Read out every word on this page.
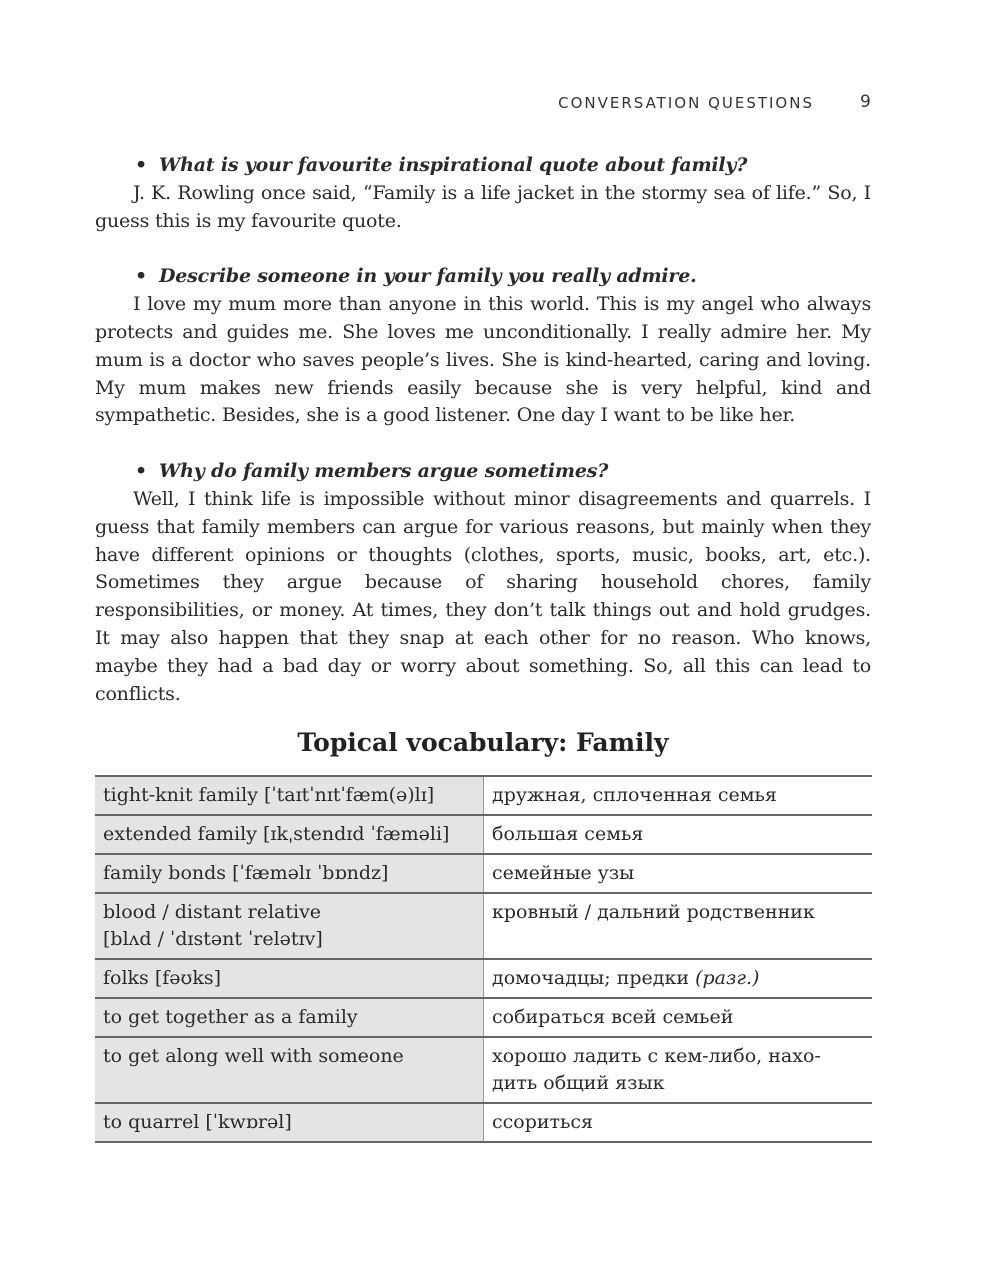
CONVERSATION QUESTIONS	9
• What is your favourite inspirational quote about family?
J. K. Rowling once said, “Family is a life jacket in the stormy sea of life.” So, I guess this is my favourite quote.
• Describe someone in your family you really admire.
I love my mum more than anyone in this world. This is my angel who always protects and guides me. She loves me unconditionally. I really admire her. My mum is a doctor who saves people’s lives. She is kind-hearted, caring and loving. My mum makes new friends easily because she is very helpful, kind and sympathetic. Besides, she is a good listener. One day I want to be like her.
• Why do family members argue sometimes?
Well, I think life is impossible without minor disagreements and quarrels. I guess that family members can argue for various reasons, but mainly when they have different opinions or thoughts (clothes, sports, music, books, art, etc.). Sometimes they argue because of sharing household chores, family responsibilities, or money. At times, they don’t talk things out and hold grudges. It may also happen that they snap at each other for no reason. Who knows, maybe they had a bad day or worry about something. So, all this can lead to conflicts.
Topical vocabulary: Family
tight-knit family [ˈtaɪtˈnɪtˈfæm(ə)lɪ]	дружная, сплоченная семья
extended family [ɪkˌstendɪd ˈfæməli]	большая семья
family bonds [ˈfæməlɪ ˈbɒndz]	семейные узы
blood / distant relative
[blʌd / ˈdɪstənt ˈrelətɪv]	кровный / дальний родственник
folks [fəʊks]	домочадцы; предки (разг.)
to get together as a family	собираться всей семьей
to get along well with someone	хорошо ладить с кем-либо, нахо-
дить общий язык
to quarrel [ˈkwɒrəl]	ссориться
